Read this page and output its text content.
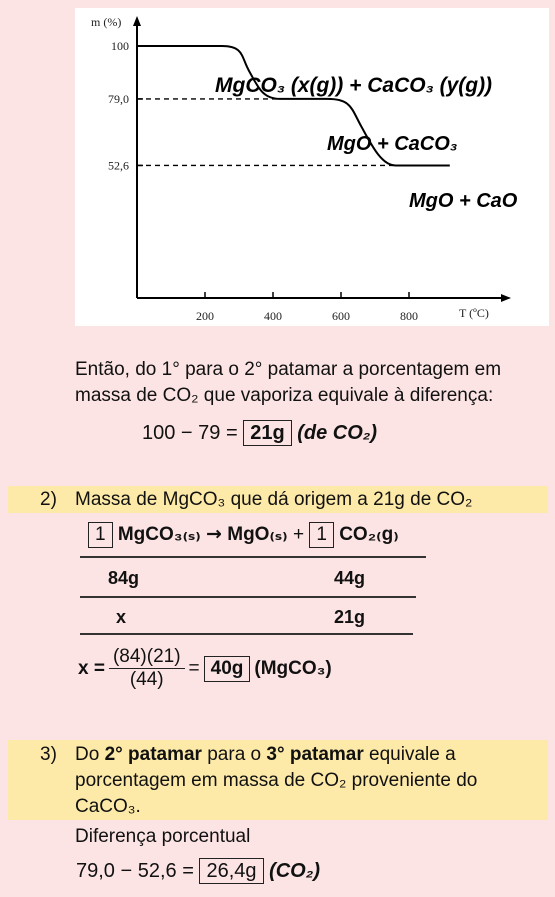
m (%)
T (ºC)
200	400	600	800
100
79,0
52,6
MgCO₃ (x(g)) + CaCO₃ (y(g))
MgO + CaCO₃
MgO + CaO
Então, do 1° para o 2° patamar a porcentagem em
massa de CO₂ que vaporiza equivale à diferença:
100 − 79 = 21g (de CO₂)
2) Massa de MgCO₃ que dá origem a 21g de CO₂
1 MgCO₃₍ₛ₎ → MgO₍ₛ₎ + 1 CO₂₍g₎
84g	44g
x	21g
$x = \frac{(84)(21)}{(44)} = 40g$ (MgCO₃)
3) Do 2° patamar para o 3° patamar equivale a
porcentagem em massa de CO₂ proveniente do
CaCO₃.
Diferença porcentual
79,0 − 52,6 = 26,4g (CO₂)
